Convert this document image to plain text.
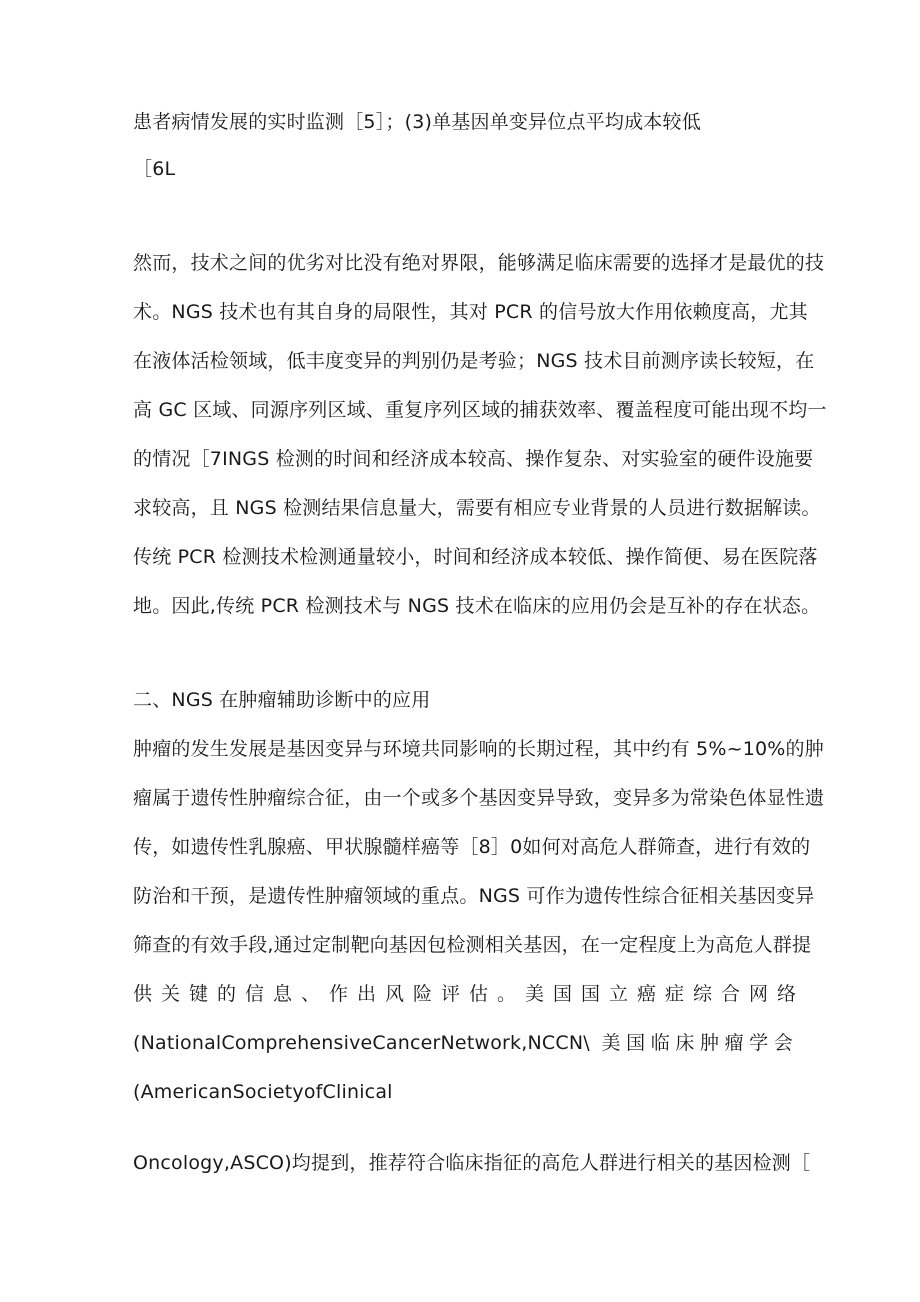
患者病情发展的实时监测［5］；(3)单基因单变异位点平均成本较低
［6L
然而，技术之间的优劣对比没有绝对界限，能够满足临床需要的选择才是最优的技
术。NGS 技术也有其自身的局限性，其对 PCR 的信号放大作用依赖度高，尤其
在液体活检领域，低丰度变异的判别仍是考验；NGS 技术目前测序读长较短，在
高 GC 区域、同源序列区域、重复序列区域的捕获效率、覆盖程度可能出现不均一
的情况［7INGS 检测的时间和经济成本较高、操作复杂、对实验室的硬件设施要
求较高，且 NGS 检测结果信息量大，需要有相应专业背景的人员进行数据解读。
传统 PCR 检测技术检测通量较小，时间和经济成本较低、操作简便、易在医院落
地。因此,传统 PCR 检测技术与 NGS 技术在临床的应用仍会是互补的存在状态。
二、NGS 在肿瘤辅助诊断中的应用
肿瘤的发生发展是基因变异与环境共同影响的长期过程，其中约有 5%~10%的肿
瘤属于遗传性肿瘤综合征，由一个或多个基因变异导致，变异多为常染色体显性遗
传，如遗传性乳腺癌、甲状腺髓样癌等［8］0如何对高危人群筛查，进行有效的
防治和干预，是遗传性肿瘤领域的重点。NGS 可作为遗传性综合征相关基因变异
筛查的有效手段,通过定制靶向基因包检测相关基因，在一定程度上为高危人群提
供关键的信息、作出风险评估。美国国立癌症综合网络
(NationalComprehensiveCancerNetwork,NCCN\ 美国临床肿瘤学会
(AmericanSocietyofClinical
Oncology,ASCO)均提到，推荐符合临床指征的高危人群进行相关的基因检测［
